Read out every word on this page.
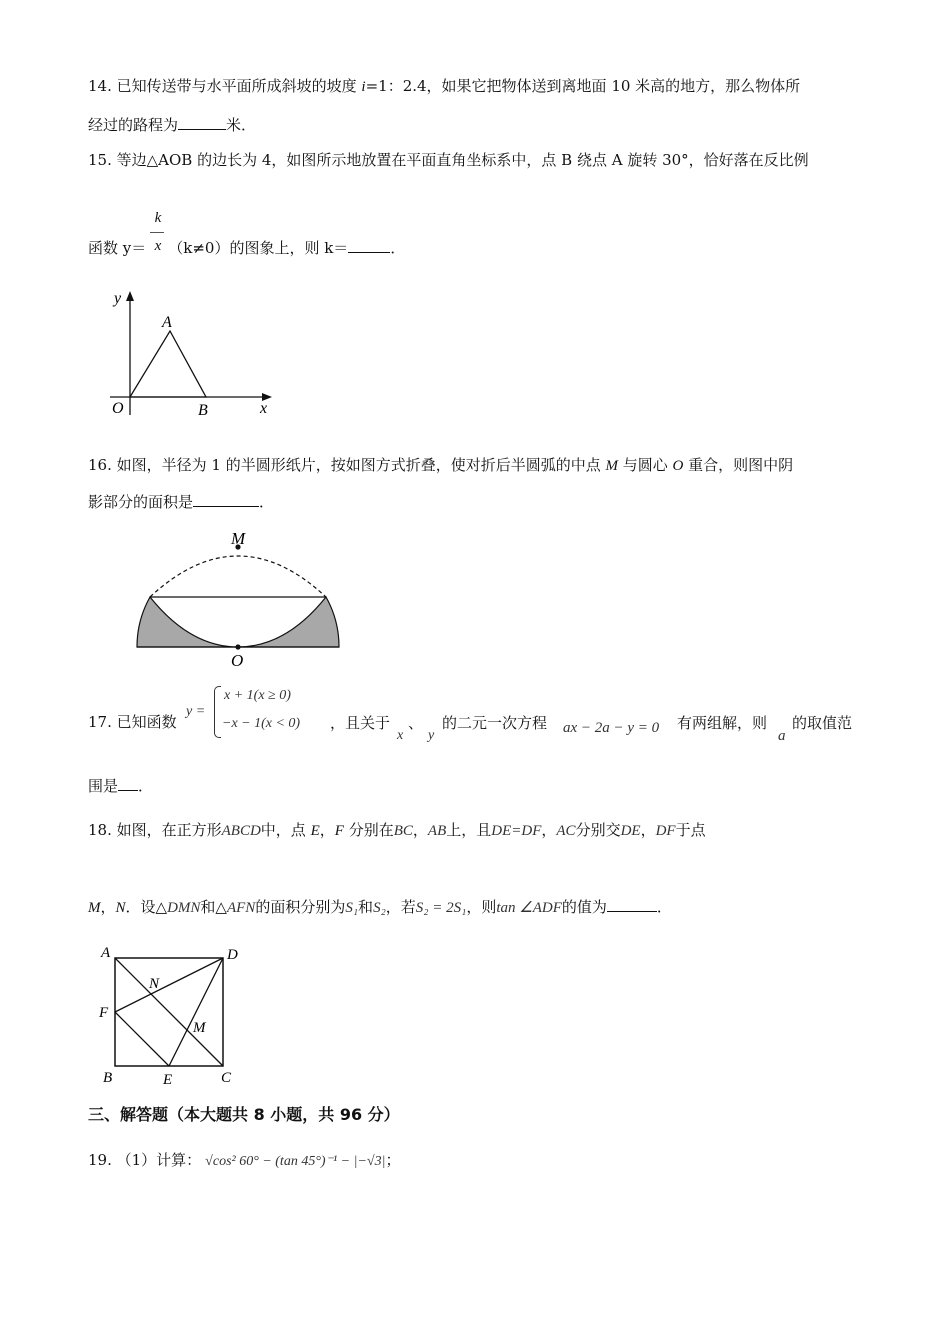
14. 已知传送带与水平面所成斜坡的坡度 i=1：2.4，如果它把物体送到离地面 10 米高的地方，那么物体所
经过的路程为	米．
15. 等边△AOB 的边长为 4，如图所示地放置在平面直角坐标系中，点 B 绕点 A 旋转 30°，恰好落在反比例
k
x
函数 y＝ （k≠0）的图象上，则 k＝	．
y
A
O	B	x
16. 如图，半径为 1 的半圆形纸片，按如图方式折叠，使对折后半圆弧的中点 M 与圆心 O 重合，则图中阴
影部分的面积是	．
M
O
17. 已知函数
y =
x + 1(x ≥ 0)
−x − 1(x < 0) ，且关于
x
、
y
的二元一次方程 ax − 2a − y = 0 有两组解，则
a
的取值范
围是 ．
18. 如图，在正方形ABCD中，点 E，F 分别在BC，AB上，且DE=DF，AC分别交DE，DF于点
M，N．设△DMN和△AFN的面积分别为S₁和S₂，若S₂ = 2S₁，则tan ∠ADF的值为	．
A	D
N
F
M
B	E	C
三、解答题（本大题共 8 小题，共 96 分）
19. （1）计算： √cos² 60° − (tan 45°)⁻¹ − |−√3|；
